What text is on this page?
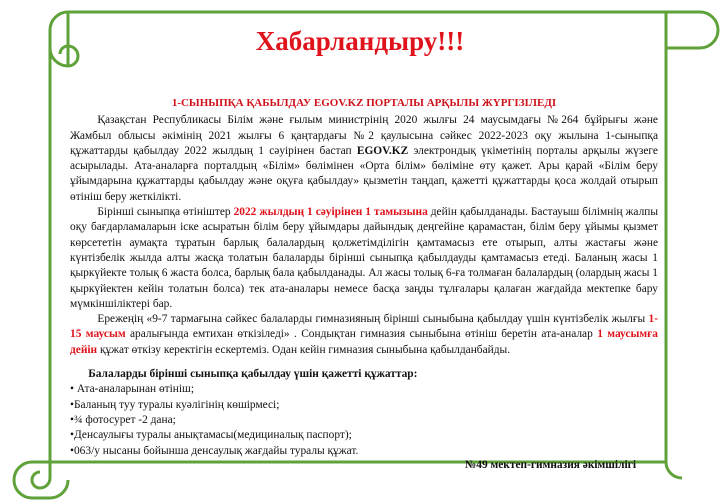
Хабарландыру!!!
1-СЫНЫПҚА ҚАБЫЛДАУ EGOV.KZ ПОРТАЛЫ АРҚЫЛЫ ЖҮРГІЗІЛЕДІ

Қазақстан Республикасы Білім және ғылым министрінің 2020 жылғы 24 маусымдағы №264 бұйрығы және Жамбыл облысы әкімінің 2021 жылғы 6 қаңтардағы №2 қаулысына сәйкес 2022-2023 оқу жылына 1-сыныпқа құжаттарды қабылдау 2022 жылдың 1 сәуірінен бастап EGOV.KZ электрондық үкіметінің порталы арқылы жүзеге асырылады. Ата-аналарға порталдың «Білім» бөлімінен «Орта білім» бөліміне өту қажет. Ары қарай «Білім беру ұйымдарына құжаттарды қабылдау және оқуға қабылдау» қызметін таңдап, қажетті құжаттарды қоса жолдай отырып өтініш беру жеткілікті.

Бірінші сыныпқа өтініштер 2022 жылдың 1 сәуірінен 1 тамызына дейін қабылданады. Бастауыш білімнің жалпы оқу бағдарламаларын іске асыратын білім беру ұйымдары дайындық деңгейіне қарамастан, білім беру ұйымы қызмет көрсететін аумақта тұратын барлық балалардың қолжетімділігін қамтамасыз ете отырып, алты жастағы және күнтізбелік жылда алты жасқа толатын балаларды бірінші сыныпқа қабылдауды қамтамасыз етеді. Баланың жасы 1 қыркүйекте толық 6 жаста болса, барлық бала қабылданады. Ал жасы толық 6-ға толмаған балалардың (олардың жасы 1 қыркүйектен кейін толатын болса) тек ата-аналары немесе басқа заңды тұлғалары қалаған жағдайда мектепке бару мүмкіншіліктері бар.

Ережеңің «9-7 тармағына сәйкес балаларды гимназияның бірінші сыныбына қабылдау үшін күнтізбелік жылғы 1-15 маусым аралығында емтихан өткізіледі» . Сондықтан гимназия сыныбына өтініш беретін ата-аналар 1 маусымға дейін құжат өткізу керектігін ескертеміз. Одан кейін гимназия сыныбына қабылданбайды.

Балаларды бірінші сыныпқа қабылдау үшін қажетті құжаттар:

• Ата-аналарынан өтініш;

•Баланың туу туралы куәлігінің көшірмесі;

•¾ фотосурет -2 дана;

•Денсаулығы туралы анықтамасы(медициналық паспорт);

•063/у нысаны бойынша денсаулық жағдайы туралы құжат.

№49 мектеп-гимназия әкімшілігі
